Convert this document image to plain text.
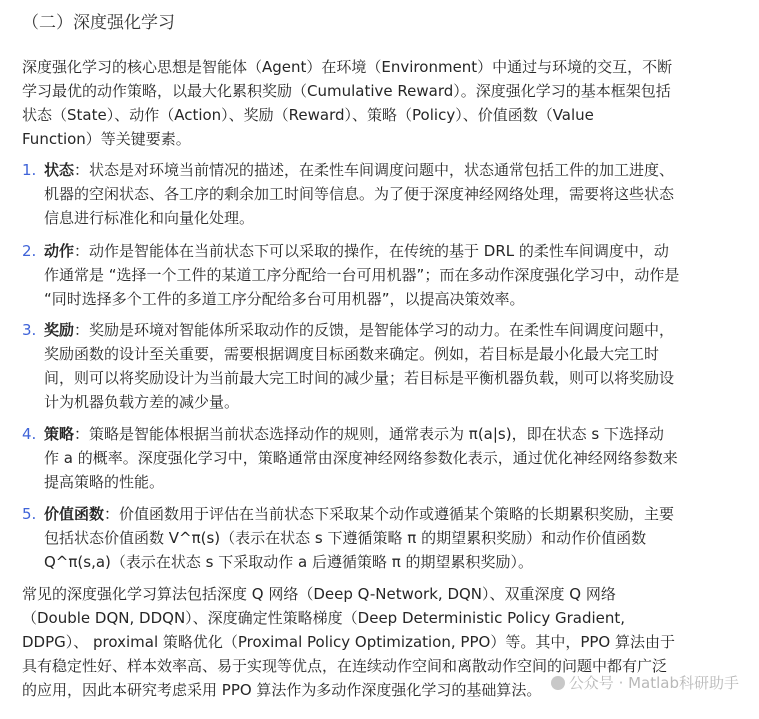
（二）深度强化学习
深度强化学习的核心思想是智能体（Agent）在环境（Environment）中通过与环境的交互，不断
学习最优的动作策略，以最大化累积奖励（Cumulative Reward）。深度强化学习的基本框架包括
状态（State）、动作（Action）、奖励（Reward）、策略（Policy）、价值函数（Value
Function）等关键要素。
1. 状态：状态是对环境当前情况的描述，在柔性车间调度问题中，状态通常包括工件的加工进度、
机器的空闲状态、各工序的剩余加工时间等信息。为了便于深度神经网络处理，需要将这些状态
信息进行标准化和向量化处理。
2. 动作：动作是智能体在当前状态下可以采取的操作，在传统的基于 DRL 的柔性车间调度中，动
作通常是 “选择一个工件的某道工序分配给一台可用机器”；而在多动作深度强化学习中，动作是
“同时选择多个工件的多道工序分配给多台可用机器”，以提高决策效率。
3. 奖励：奖励是环境对智能体所采取动作的反馈，是智能体学习的动力。在柔性车间调度问题中，
奖励函数的设计至关重要，需要根据调度目标函数来确定。例如，若目标是最小化最大完工时
间，则可以将奖励设计为当前最大完工时间的减少量；若目标是平衡机器负载，则可以将奖励设
计为机器负载方差的减少量。
4. 策略：策略是智能体根据当前状态选择动作的规则，通常表示为 π(a|s)，即在状态 s 下选择动
作 a 的概率。深度强化学习中，策略通常由深度神经网络参数化表示，通过优化神经网络参数来
提高策略的性能。
5. 价值函数：价值函数用于评估在当前状态下采取某个动作或遵循某个策略的长期累积奖励，主要
包括状态价值函数 V^π(s)（表示在状态 s 下遵循策略 π 的期望累积奖励）和动作价值函数
Q^π(s,a)（表示在状态 s 下采取动作 a 后遵循策略 π 的期望累积奖励）。
常见的深度强化学习算法包括深度 Q 网络（Deep Q-Network, DQN）、双重深度 Q 网络
（Double DQN, DDQN）、深度确定性策略梯度（Deep Deterministic Policy Gradient,
DDPG）、 proximal 策略优化（Proximal Policy Optimization, PPO）等。其中，PPO 算法由于
具有稳定性好、样本效率高、易于实现等优点，在连续动作空间和离散动作空间的问题中都有广泛
的应用，因此本研究考虑采用 PPO 算法作为多动作深度强化学习的基础算法。	公众号 · Matlab科研助手
